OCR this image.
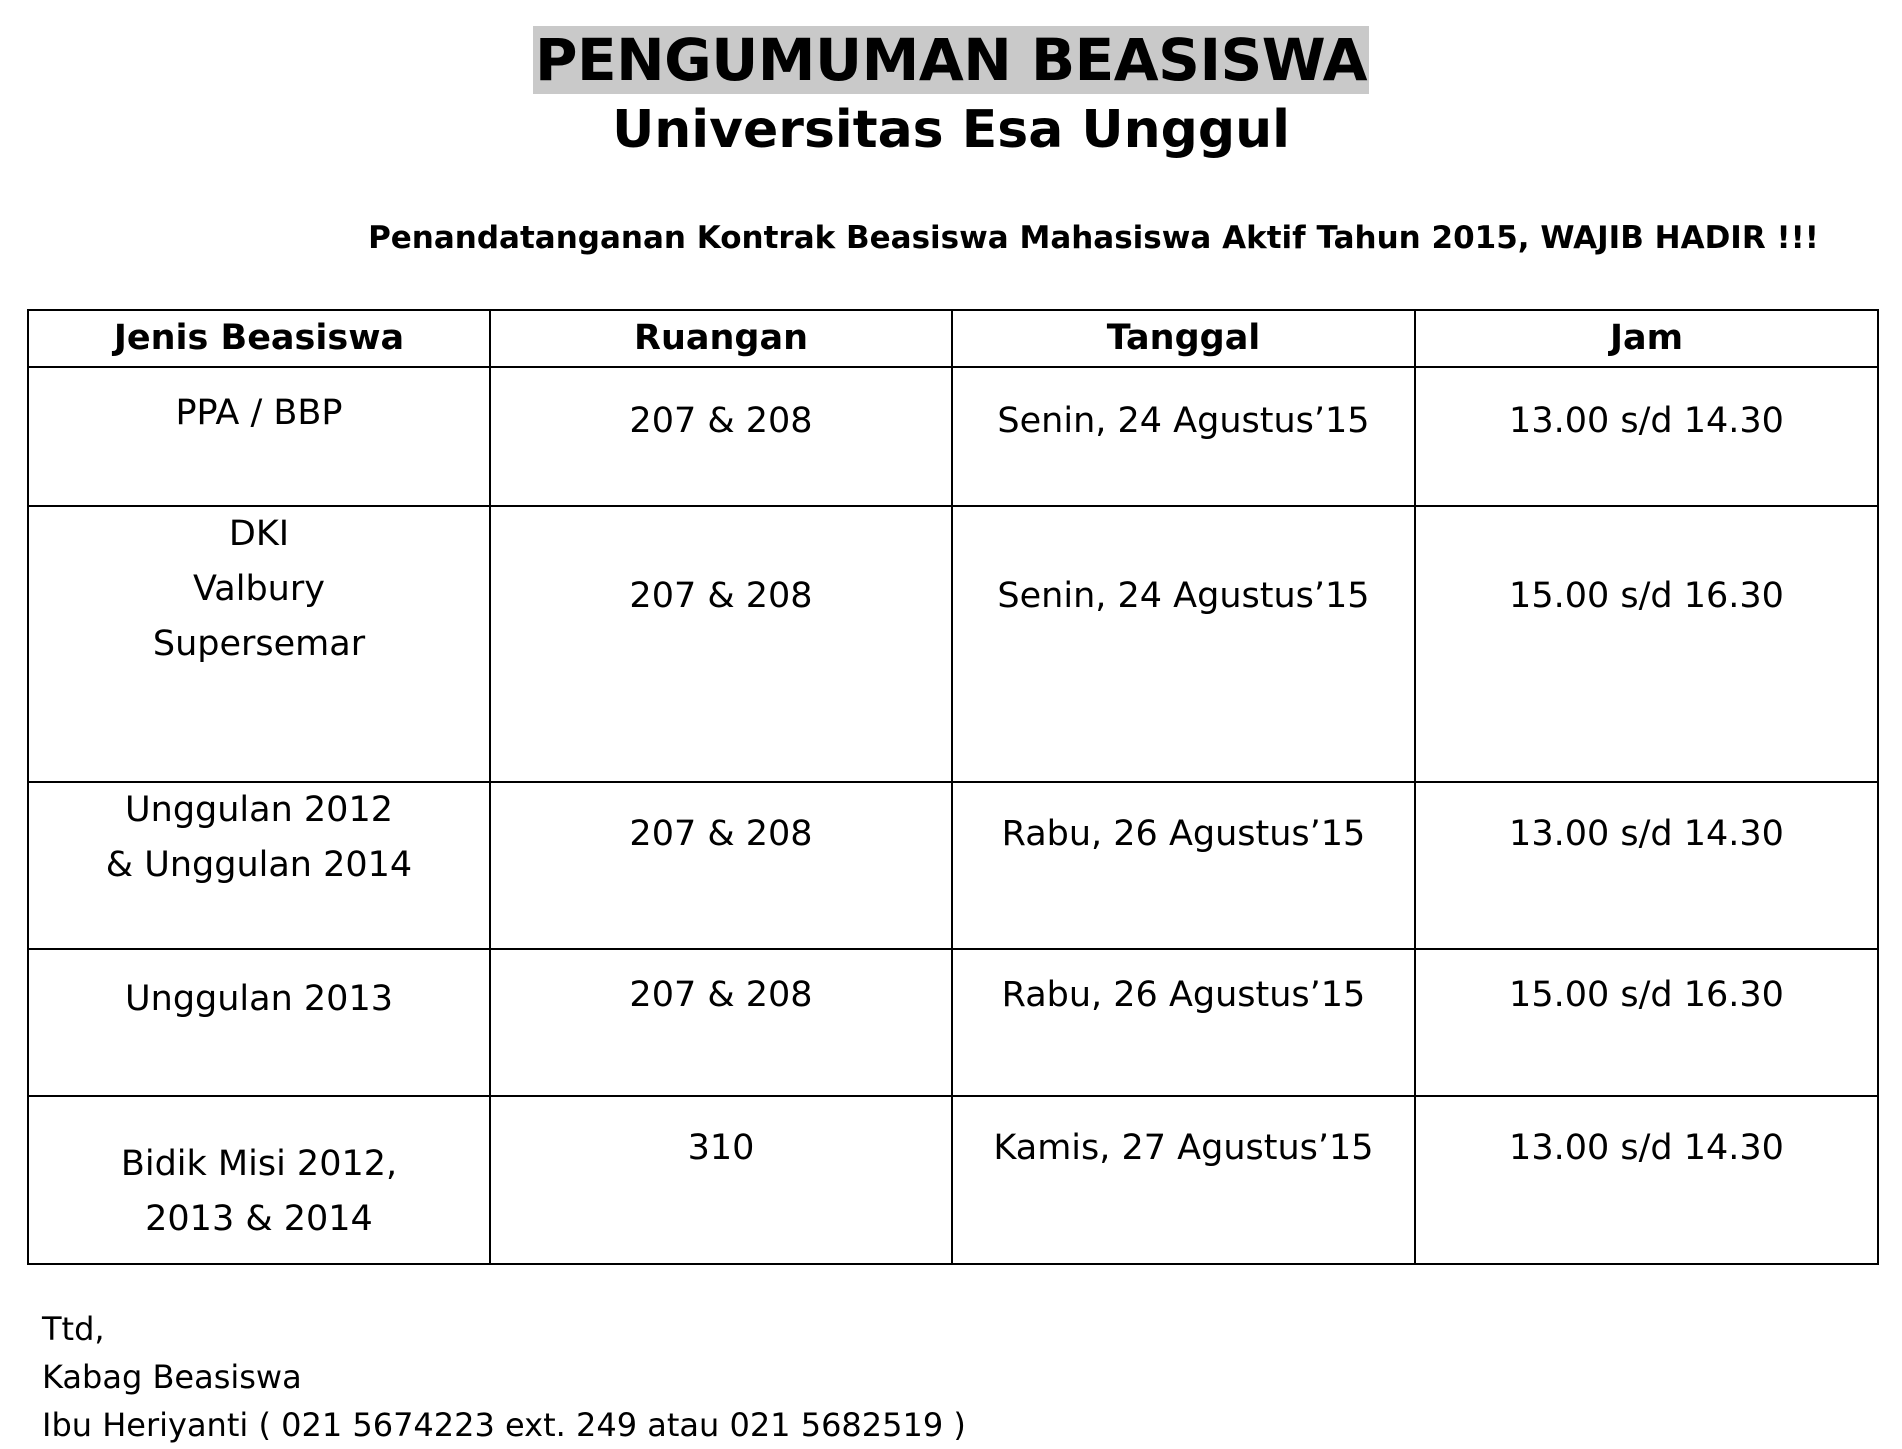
PENGUMUMAN BEASISWA
Universitas Esa Unggul
Penandatanganan Kontrak Beasiswa Mahasiswa Aktif Tahun 2015, WAJIB HADIR !!!
Jenis Beasiswa	Ruangan	Tanggal	Jam

PPA / BBP	207 & 208	Senin, 24 Agustus’15	13.00 s/d 14.30

DKI
Valbury
Supersemar	207 & 208	Senin, 24 Agustus’15	15.00 s/d 16.30

Unggulan 2012
& Unggulan 2014	207 & 208	Rabu, 26 Agustus’15	13.00 s/d 14.30

Unggulan 2013	207 & 208	Rabu, 26 Agustus’15	15.00 s/d 16.30

Bidik Misi 2012,
2013 & 2014	310	Kamis, 27 Agustus’15	13.00 s/d 14.30
Ttd,
Kabag Beasiswa
Ibu Heriyanti ( 021 5674223 ext. 249 atau 021 5682519 )
